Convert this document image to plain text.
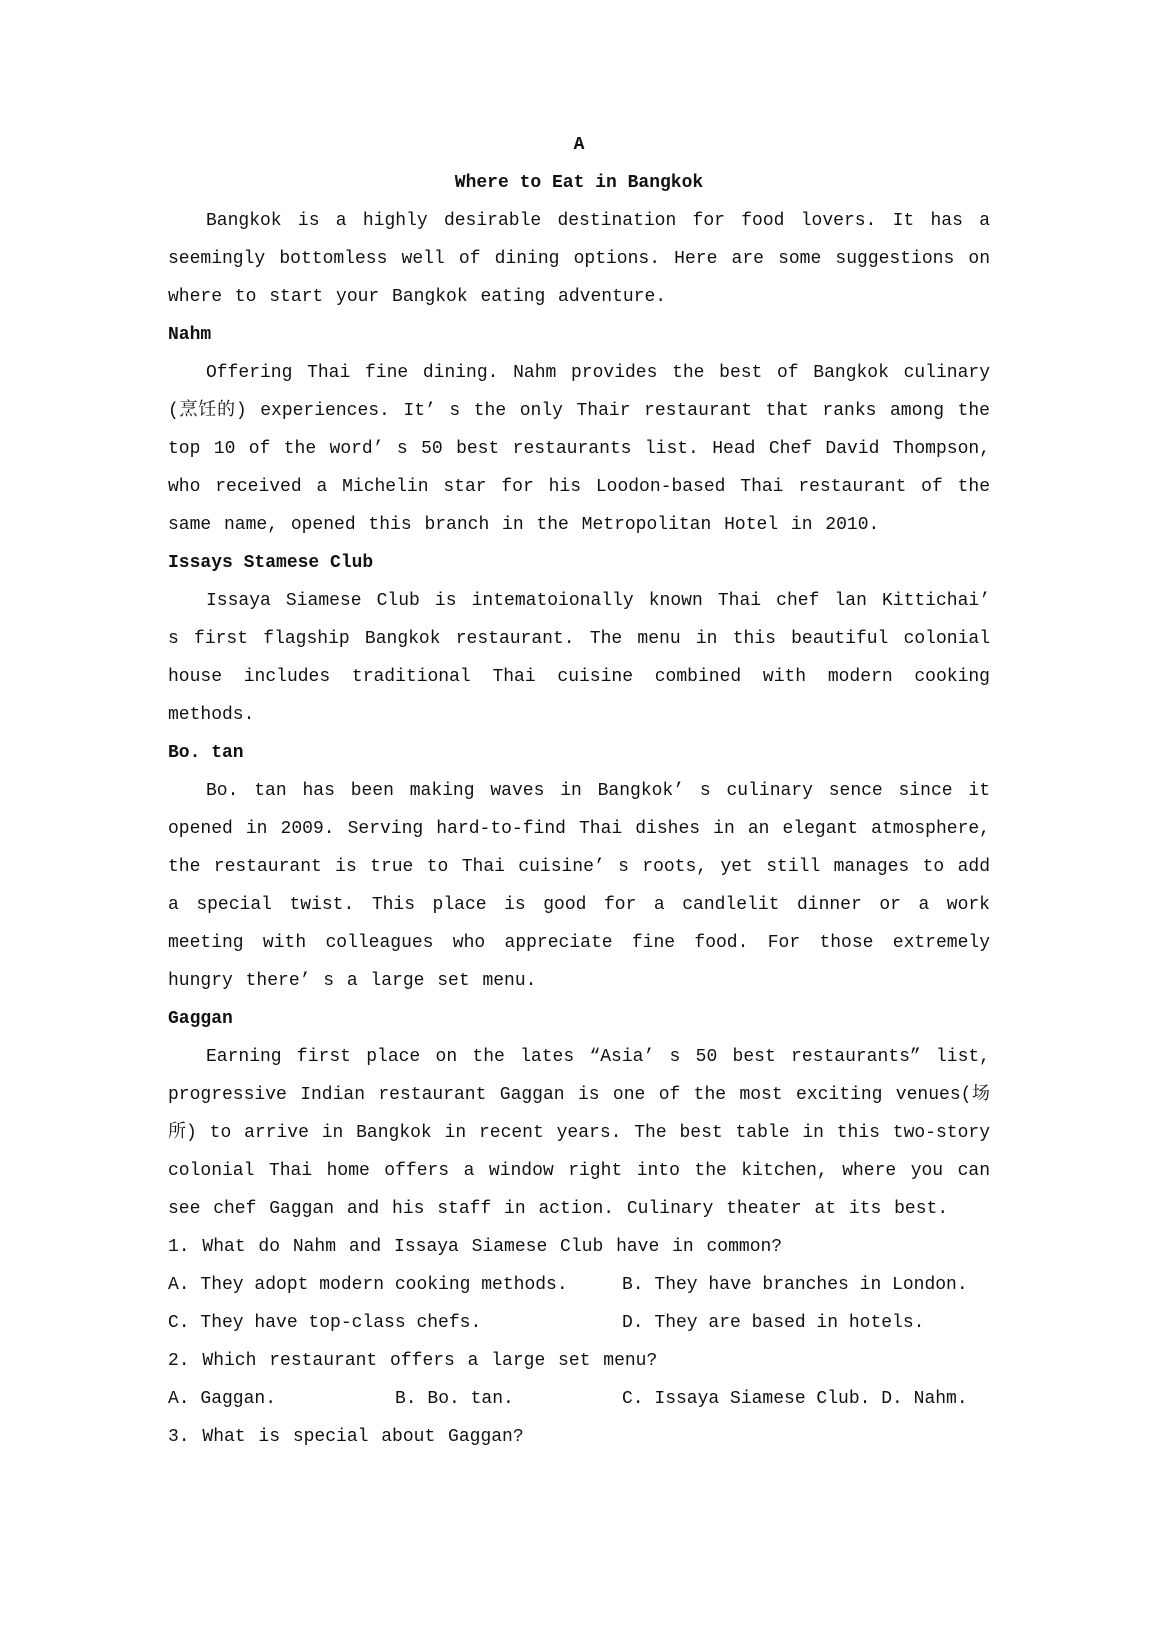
A
Where to Eat in Bangkok

Bangkok is a highly desirable destination for food lovers. It has a seemingly bottomless well of dining options. Here are some suggestions on where to start your Bangkok eating adventure.

Nahm

Offering Thai fine dining. Nahm provides the best of Bangkok culinary (烹饪的) experiences. It’ s the only Thair restaurant that ranks among the top 10 of the word’ s 50 best restaurants list. Head Chef David Thompson, who received a Michelin star for his Loodon-based Thai restaurant of the same name, opened this branch in the Metropolitan Hotel in 2010.

Issays Stamese Club

Issaya Siamese Club is intematoionally known Thai chef lan Kittichai’ s first flagship Bangkok restaurant. The menu in this beautiful colonial house includes traditional Thai cuisine combined with modern cooking methods.

Bo. tan

Bo. tan has been making waves in Bangkok’ s culinary sence since it opened in 2009. Serving hard-to-find Thai dishes in an elegant atmosphere, the restaurant is true to Thai cuisine’ s roots, yet still manages to add a special twist. This place is good for a candlelit dinner or a work meeting with colleagues who appreciate fine food. For those extremely hungry there’ s a large set menu.

Gaggan

Earning first place on the lates “Asia’ s 50 best restaurants” list, progressive Indian restaurant Gaggan is one of the most exciting venues(场所) to arrive in Bangkok in recent years. The best table in this two-story colonial Thai home offers a window right into the kitchen, where you can see chef Gaggan and his staff in action. Culinary theater at its best.

1. What do Nahm and Issaya Siamese Club have in common?

A. They adopt modern cooking methods.	B. They have branches in London.
C. They have top-class chefs.	D. They are based in hotels.

2. Which restaurant offers a large set menu?

A. Gaggan.	B. Bo. tan.	C. Issaya Siamese Club. D. Nahm.

3. What is special about Gaggan?
